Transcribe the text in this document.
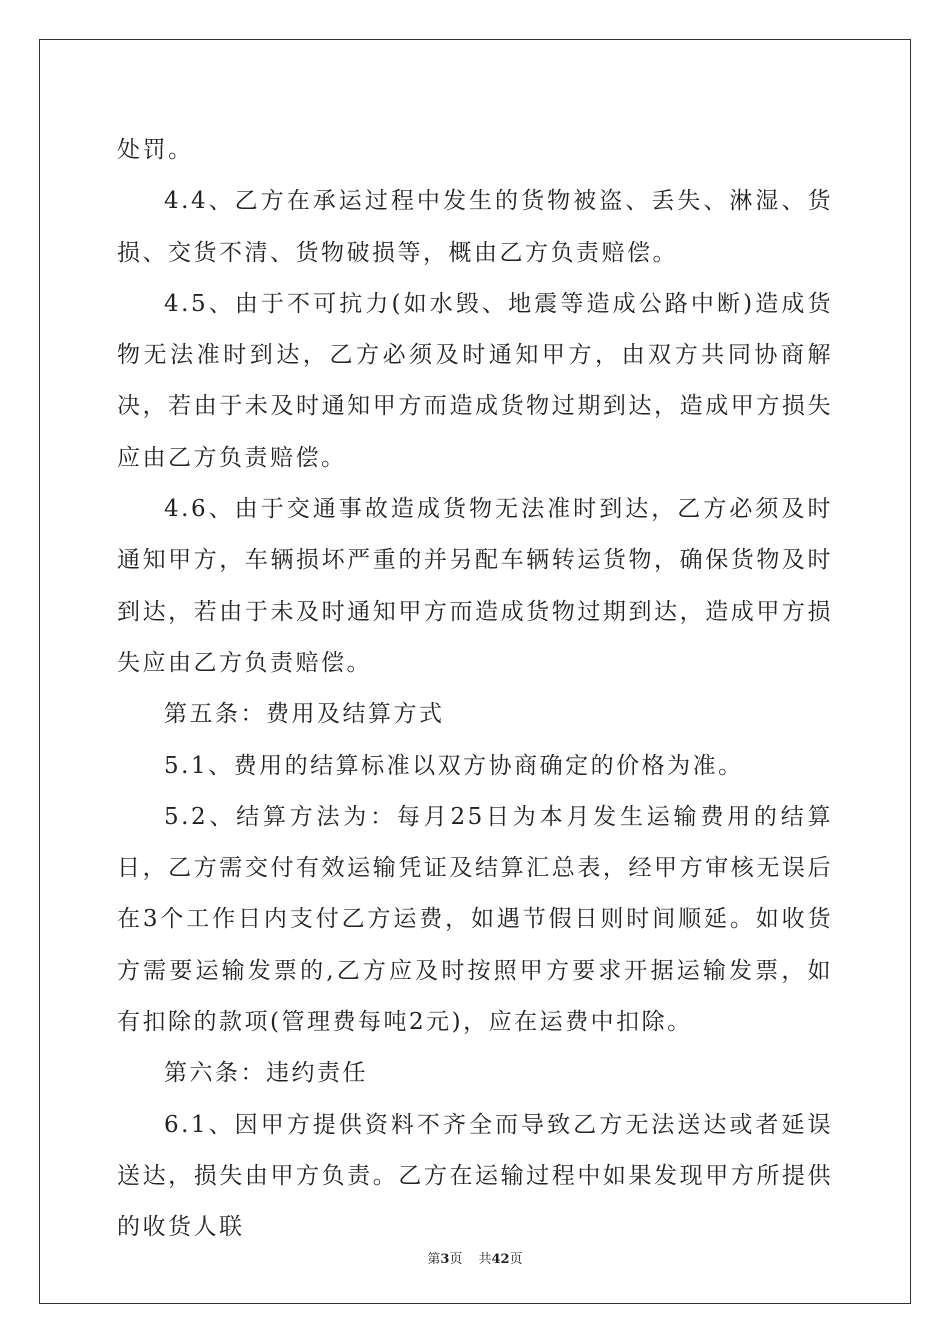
处罚。

4.4、乙方在承运过程中发生的货物被盗、丢失、淋湿、货损、交货不清、货物破损等，概由乙方负责赔偿。

4.5、由于不可抗力(如水毁、地震等造成公路中断)造成货物无法准时到达，乙方必须及时通知甲方，由双方共同协商解决，若由于未及时通知甲方而造成货物过期到达，造成甲方损失应由乙方负责赔偿。

4.6、由于交通事故造成货物无法准时到达，乙方必须及时通知甲方，车辆损坏严重的并另配车辆转运货物，确保货物及时到达，若由于未及时通知甲方而造成货物过期到达，造成甲方损失应由乙方负责赔偿。

第五条：费用及结算方式

5.1、费用的结算标准以双方协商确定的价格为准。

5.2、结算方法为：每月25日为本月发生运输费用的结算日，乙方需交付有效运输凭证及结算汇总表，经甲方审核无误后在3个工作日内支付乙方运费，如遇节假日则时间顺延。如收货方需要运输发票的,乙方应及时按照甲方要求开据运输发票，如有扣除的款项(管理费每吨2元)，应在运费中扣除。

第六条：违约责任

6.1、因甲方提供资料不齐全而导致乙方无法送达或者延误送达，损失由甲方负责。乙方在运输过程中如果发现甲方所提供的收货人联

第3页 共42页
